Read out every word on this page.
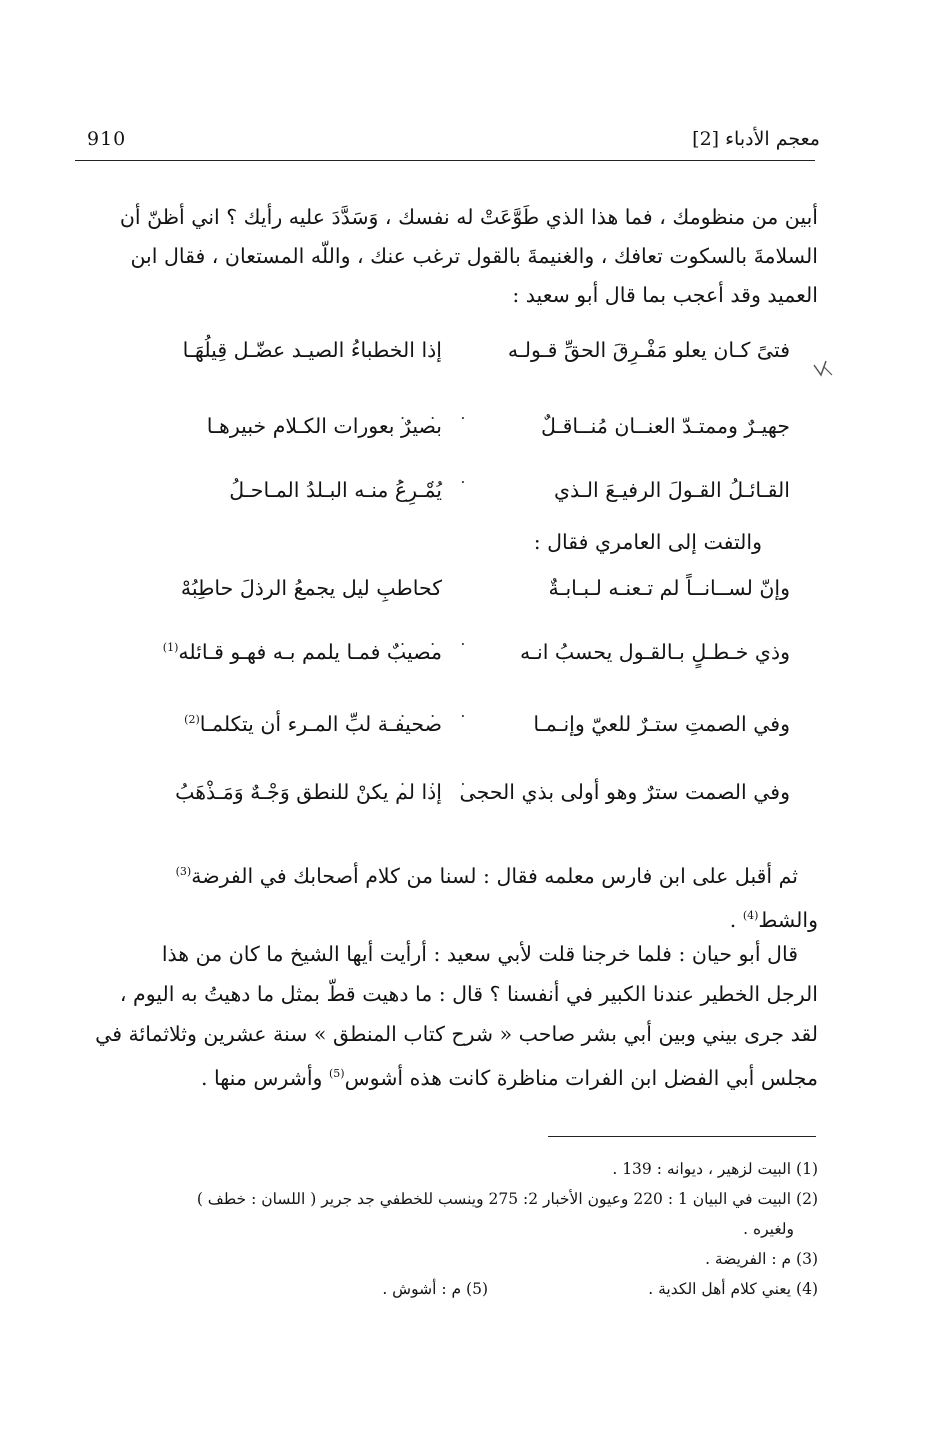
910	معجم الأدباء [2]

أبين من منظومك ، فما هذا الذي طَوَّعَتْ له نفسك ، وَسَدَّدَ عليه رأيك ؟ اني أظنّ أن

السلامةَ بالسكوت تعافك ، والغنيمةَ بالقول ترغب عنك ، واللّه المستعان ، فقال ابن

العميد وقد أعجب بما قال أبو سعيد :

فتىً كـان يعلو مَفْـرِقَ الحقِّ قـولـه
إذا الخطباءُ الصيـد عضّـل قِيلُهَـا
. . .
جهيـرٌ وممتـدّ العنــان مُنــاقـلٌ
بصيرٌ بعورات الكـلام خبيرهـا
. . .
القـائـلُ القـولَ الرفيـعَ الـذي
يُمْـرِعُ منـه البـلدُ المـاحـلُ
والتفت إلى العامري فقال :
وإنّ لســانــاً لم تـعنـه لـبـابـةٌ
كحاطبِ ليل يجمعُ الرذلَ حاطِبُهْ
. . .
وذي خـطـلٍ بـالقـول يحسبُ انـه
مصيبٌ فمـا يلمم بـه فهـو قـائله$^{(1)}$
. . .
وفي الصمتِ ستـرٌ للعيّ وإنـمـا
صحيفـة لبِّ المـرء أن يتكلمـا$^{(2)}$
. . .
وفي الصمت سترٌ وهو أولى بذي الحجى
إذا لم يكنْ للنطق وَجْـهٌ وَمَـذْهَبُ

ثم أقبل على ابن فارس معلمه فقال : لسنا من كلام أصحابك في الفرضة$^{(3)}$

والشط$^{(4)}$ .

قال أبو حيان : فلما خرجنا قلت لأبي سعيد : أرأيت أيها الشيخ ما كان من هذا

الرجل الخطير عندنا الكبير في أنفسنا ؟ قال : ما دهيت قطّ بمثل ما دهيتُ به اليوم ،

لقد جرى بيني وبين أبي بشر صاحب « شرح كتاب المنطق » سنة عشرين وثلاثمائة في

مجلس أبي الفضل ابن الفرات مناظرة كانت هذه أشوس$^{(5)}$ وأشرس منها .

(1) البيت لزهير ، ديوانه : 139 .

(2) البيت في البيان 1 : 220 وعيون الأخبار 2: 275 وينسب للخطفي جد جرير ( اللسان : خطف )

ولغيره .

(3) م : الفريضة .

(4) يعني كلام أهل الكدية .
(5) م : أشوش .
